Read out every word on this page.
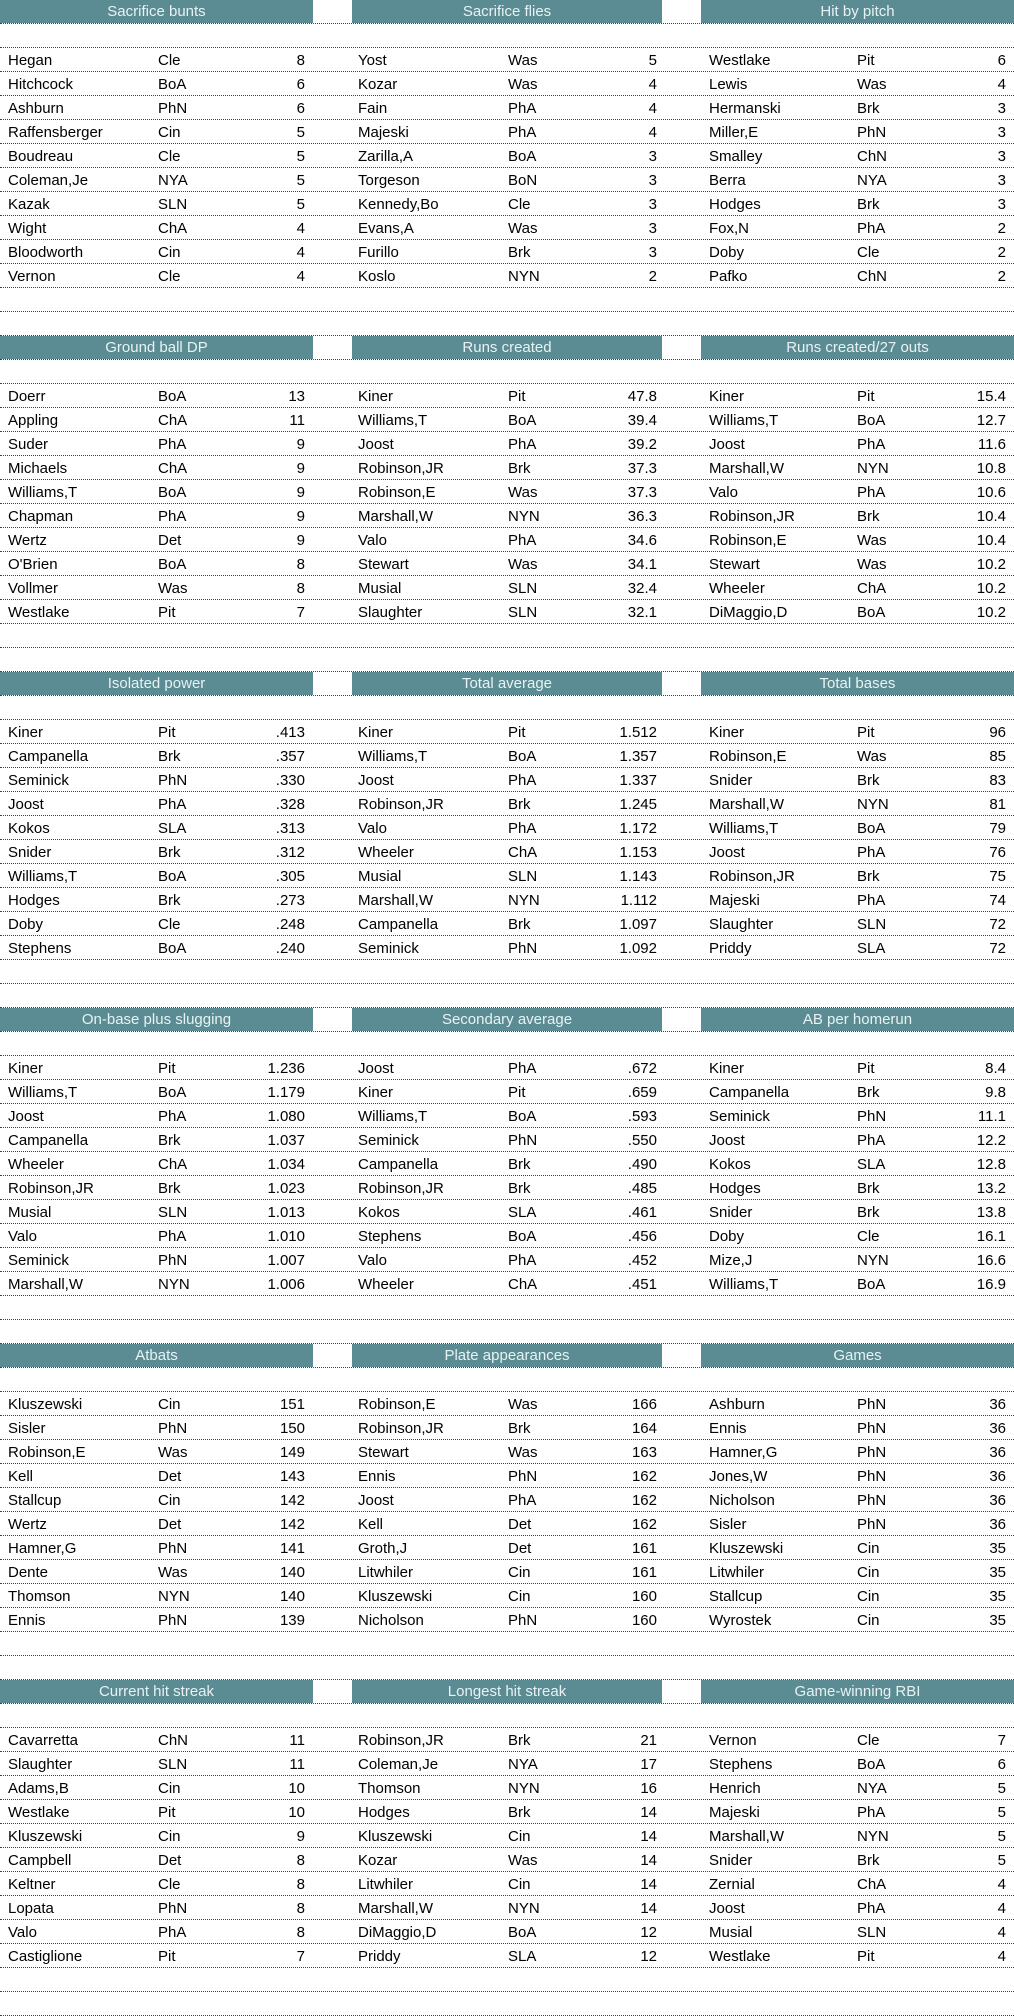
Hegan	Cle	8	Yost	Was	5	Westlake	Pit	6
Hitchcock	BoA	6	Kozar	Was	4	Lewis	Was	4
Ashburn	PhN	6	Fain	PhA	4	Hermanski	Brk	3
Raffensberger	Cin	5	Majeski	PhA	4	Miller,E	PhN	3
Boudreau	Cle	5	Zarilla,A	BoA	3	Smalley	ChN	3
Coleman,Je	NYA	5	Torgeson	BoN	3	Berra	NYA	3
Kazak	SLN	5	Kennedy,Bo	Cle	3	Hodges	Brk	3
Wight	ChA	4	Evans,A	Was	3	Fox,N	PhA	2
Bloodworth	Cin	4	Furillo	Brk	3	Doby	Cle	2
Vernon	Cle	4	Koslo	NYN	2	Pafko	ChN	2
Sacrifice bunts	Sacrifice flies	Hit by pitch
Doerr	BoA	13	Kiner	Pit	47.8	Kiner	Pit	15.4
Appling	ChA	11	Williams,T	BoA	39.4	Williams,T	BoA	12.7
Suder	PhA	9	Joost	PhA	39.2	Joost	PhA	11.6
Michaels	ChA	9	Robinson,JR	Brk	37.3	Marshall,W	NYN	10.8
Williams,T	BoA	9	Robinson,E	Was	37.3	Valo	PhA	10.6
Chapman	PhA	9	Marshall,W	NYN	36.3	Robinson,JR	Brk	10.4
Wertz	Det	9	Valo	PhA	34.6	Robinson,E	Was	10.4
O'Brien	BoA	8	Stewart	Was	34.1	Stewart	Was	10.2
Vollmer	Was	8	Musial	SLN	32.4	Wheeler	ChA	10.2
Westlake	Pit	7	Slaughter	SLN	32.1	DiMaggio,D	BoA	10.2
Ground ball DP	Runs created	Runs created/27 outs
Kiner	Pit	.413	Kiner	Pit	1.512	Kiner	Pit	96
Campanella	Brk	.357	Williams,T	BoA	1.357	Robinson,E	Was	85
Seminick	PhN	.330	Joost	PhA	1.337	Snider	Brk	83
Joost	PhA	.328	Robinson,JR	Brk	1.245	Marshall,W	NYN	81
Kokos	SLA	.313	Valo	PhA	1.172	Williams,T	BoA	79
Snider	Brk	.312	Wheeler	ChA	1.153	Joost	PhA	76
Williams,T	BoA	.305	Musial	SLN	1.143	Robinson,JR	Brk	75
Hodges	Brk	.273	Marshall,W	NYN	1.112	Majeski	PhA	74
Doby	Cle	.248	Campanella	Brk	1.097	Slaughter	SLN	72
Stephens	BoA	.240	Seminick	PhN	1.092	Priddy	SLA	72
Isolated power	Total average	Total bases
Kiner	Pit	1.236	Joost	PhA	.672	Kiner	Pit	8.4
Williams,T	BoA	1.179	Kiner	Pit	.659	Campanella	Brk	9.8
Joost	PhA	1.080	Williams,T	BoA	.593	Seminick	PhN	11.1
Campanella	Brk	1.037	Seminick	PhN	.550	Joost	PhA	12.2
Wheeler	ChA	1.034	Campanella	Brk	.490	Kokos	SLA	12.8
Robinson,JR	Brk	1.023	Robinson,JR	Brk	.485	Hodges	Brk	13.2
Musial	SLN	1.013	Kokos	SLA	.461	Snider	Brk	13.8
Valo	PhA	1.010	Stephens	BoA	.456	Doby	Cle	16.1
Seminick	PhN	1.007	Valo	PhA	.452	Mize,J	NYN	16.6
Marshall,W	NYN	1.006	Wheeler	ChA	.451	Williams,T	BoA	16.9
On-base plus slugging	Secondary average	AB per homerun
Kluszewski	Cin	151	Robinson,E	Was	166	Ashburn	PhN	36
Sisler	PhN	150	Robinson,JR	Brk	164	Ennis	PhN	36
Robinson,E	Was	149	Stewart	Was	163	Hamner,G	PhN	36
Kell	Det	143	Ennis	PhN	162	Jones,W	PhN	36
Stallcup	Cin	142	Joost	PhA	162	Nicholson	PhN	36
Wertz	Det	142	Kell	Det	162	Sisler	PhN	36
Hamner,G	PhN	141	Groth,J	Det	161	Kluszewski	Cin	35
Dente	Was	140	Litwhiler	Cin	161	Litwhiler	Cin	35
Thomson	NYN	140	Kluszewski	Cin	160	Stallcup	Cin	35
Ennis	PhN	139	Nicholson	PhN	160	Wyrostek	Cin	35
Atbats	Plate appearances	Games
Cavarretta	ChN	11	Robinson,JR	Brk	21	Vernon	Cle	7
Slaughter	SLN	11	Coleman,Je	NYA	17	Stephens	BoA	6
Adams,B	Cin	10	Thomson	NYN	16	Henrich	NYA	5
Westlake	Pit	10	Hodges	Brk	14	Majeski	PhA	5
Kluszewski	Cin	9	Kluszewski	Cin	14	Marshall,W	NYN	5
Campbell	Det	8	Kozar	Was	14	Snider	Brk	5
Keltner	Cle	8	Litwhiler	Cin	14	Zernial	ChA	4
Lopata	PhN	8	Marshall,W	NYN	14	Joost	PhA	4
Valo	PhA	8	DiMaggio,D	BoA	12	Musial	SLN	4
Castiglione	Pit	7	Priddy	SLA	12	Westlake	Pit	4
Current hit streak	Longest hit streak	Game-winning RBI
